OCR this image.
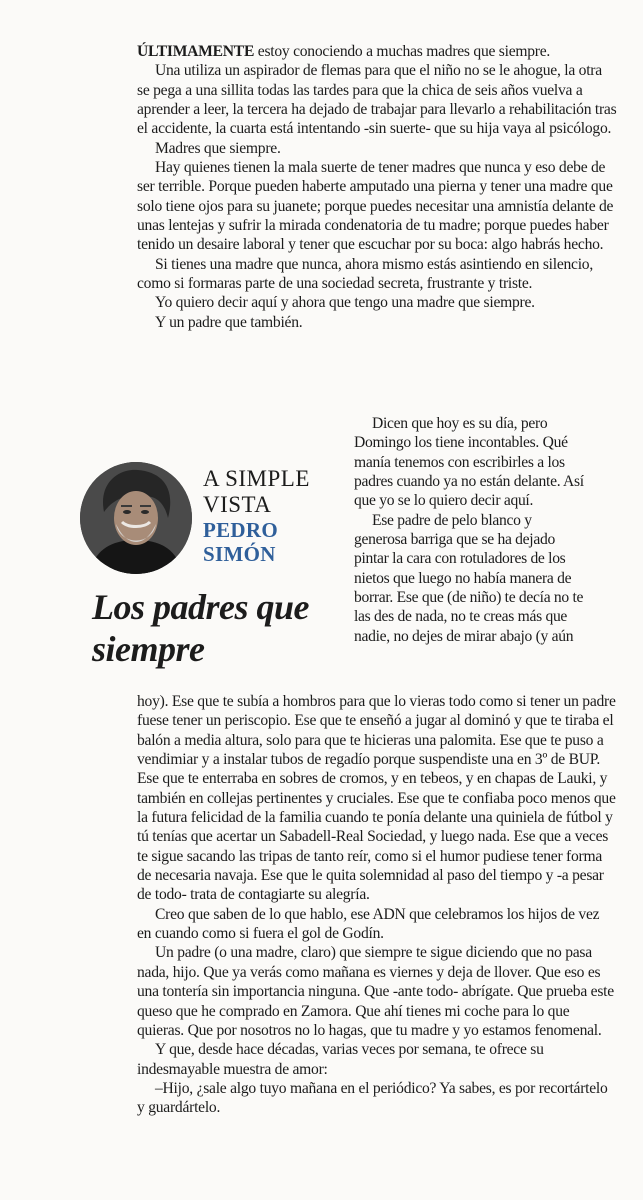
ÚLTIMAMENTE estoy conociendo a muchas madres que siempre.

Una utiliza un aspirador de flemas para que el niño no se le ahogue, la otra se pega a una sillita todas las tardes para que la chica de seis años vuelva a aprender a leer, la tercera ha dejado de trabajar para llevarlo a rehabilitación tras el accidente, la cuarta está intentando -sin suerte- que su hija vaya al psicólogo.

Madres que siempre.

Hay quienes tienen la mala suerte de tener madres que nunca y eso debe de ser terrible. Porque pueden haberte amputado una pierna y tener una madre que solo tiene ojos para su juanete; porque puedes necesitar una amnistía delante de unas lentejas y sufrir la mirada condenatoria de tu madre; porque puedes haber tenido un desaire laboral y tener que escuchar por su boca: algo habrás hecho.

Si tienes una madre que nunca, ahora mismo estás asintiendo en silencio, como si formaras parte de una sociedad secreta, frustrante y triste.

Yo quiero decir aquí y ahora que tengo una madre que siempre.

Y un padre que también.

A SIMPLE VISTA
PEDRO SIMÓN
Los padres que siempre

Dicen que hoy es su día, pero Domingo los tiene incontables. Qué manía tenemos con escribirles a los padres cuando ya no están delante. Así que yo se lo quiero decir aquí.

Ese padre de pelo blanco y generosa barriga que se ha dejado pintar la cara con rotuladores de los nietos que luego no había manera de borrar. Ese que (de niño) te decía no te las des de nada, no te creas más que nadie, no dejes de mirar abajo (y aún

hoy). Ese que te subía a hombros para que lo vieras todo como si tener un padre fuese tener un periscopio. Ese que te enseñó a jugar al dominó y que te tiraba el balón a media altura, solo para que te hicieras una palomita. Ese que te puso a vendimiar y a instalar tubos de regadío porque suspendiste una en 3º de BUP. Ese que te enterraba en sobres de cromos, y en tebeos, y en chapas de Lauki, y también en collejas pertinentes y cruciales. Ese que te confiaba poco menos que la futura felicidad de la familia cuando te ponía delante una quiniela de fútbol y tú tenías que acertar un Sabadell-Real Sociedad, y luego nada. Ese que a veces te sigue sacando las tripas de tanto reír, como si el humor pudiese tener forma de necesaria navaja. Ese que le quita solemnidad al paso del tiempo y -a pesar de todo- trata de contagiarte su alegría.

Creo que saben de lo que hablo, ese ADN que celebramos los hijos de vez en cuando como si fuera el gol de Godín.

Un padre (o una madre, claro) que siempre te sigue diciendo que no pasa nada, hijo. Que ya verás como mañana es viernes y deja de llover. Que eso es una tontería sin importancia ninguna. Que -ante todo- abrígate. Que prueba este queso que he comprado en Zamora. Que ahí tienes mi coche para lo que quieras. Que por nosotros no lo hagas, que tu madre y yo estamos fenomenal.

Y que, desde hace décadas, varias veces por semana, te ofrece su indesmayable muestra de amor:

–Hijo, ¿sale algo tuyo mañana en el periódico? Ya sabes, es por recortártelo y guardártelo.
